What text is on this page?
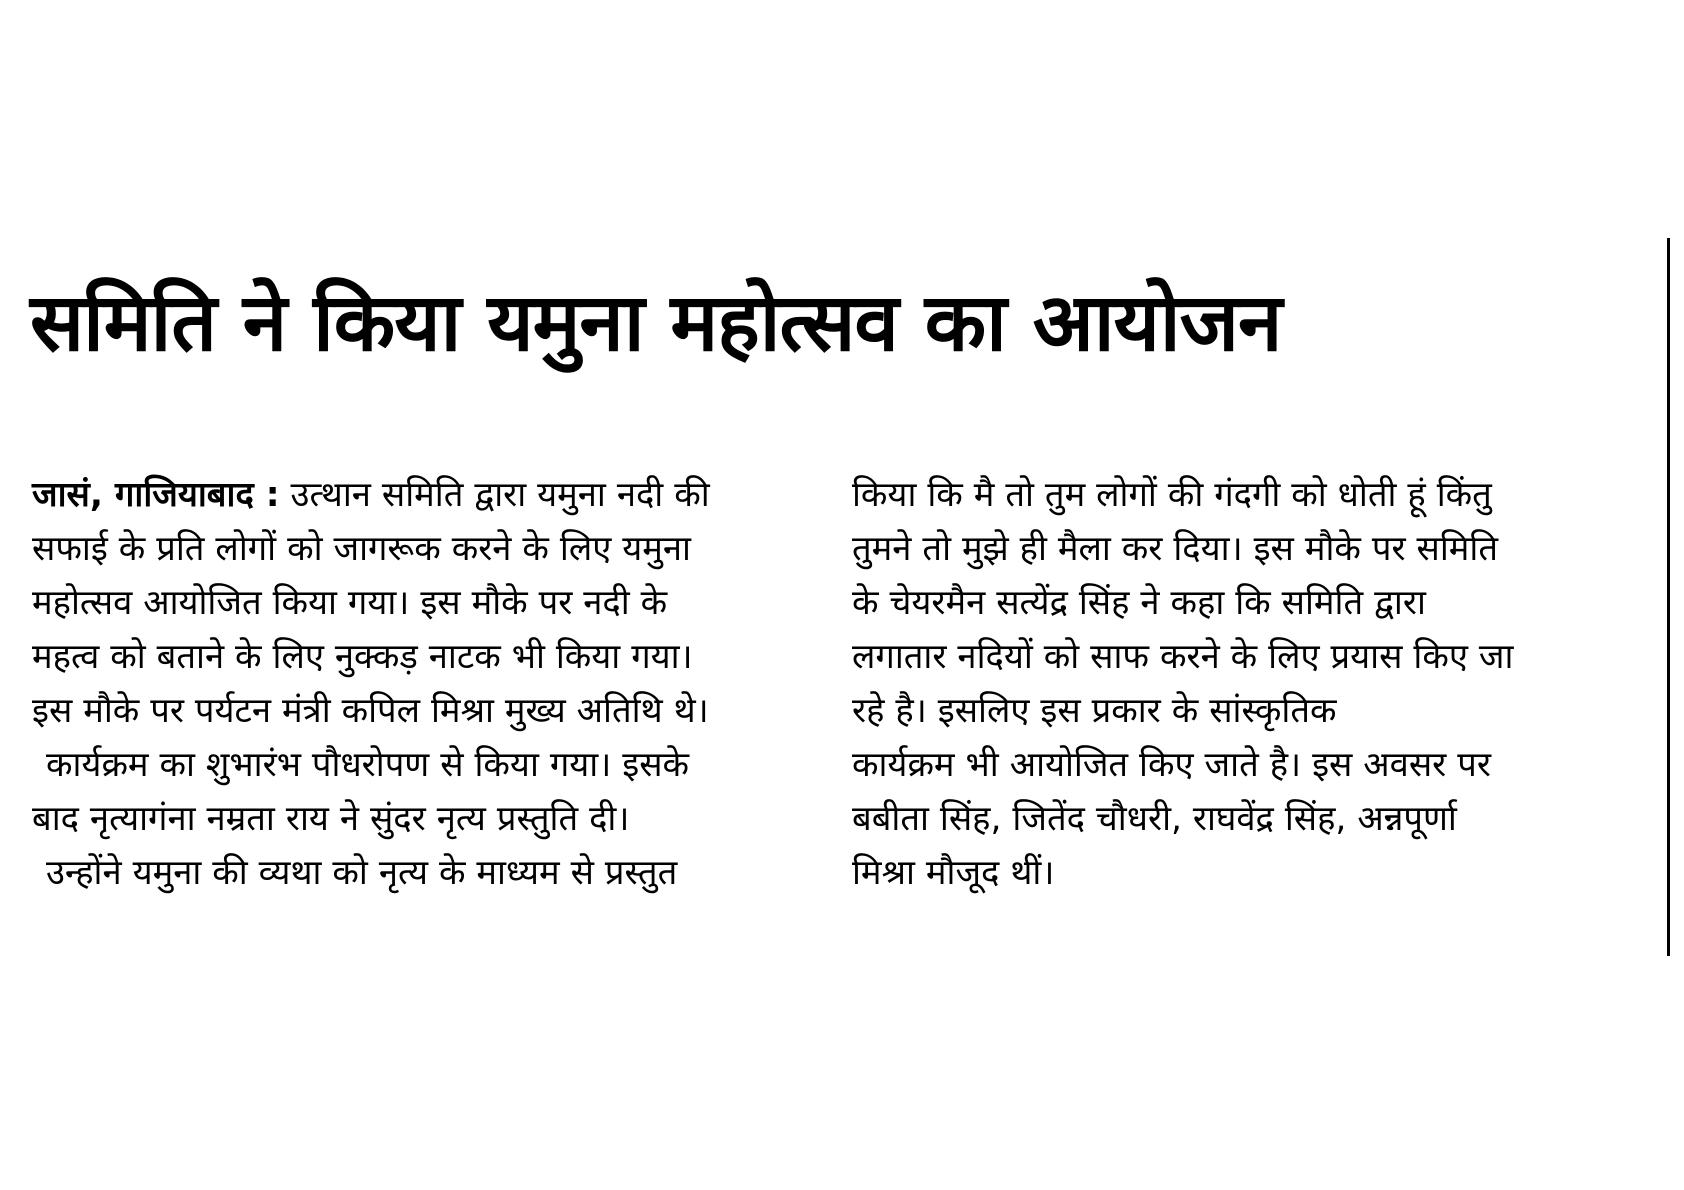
समिति ने किया यमुना महोत्सव का आयोजन
जासं, गाजियाबाद : उत्थान समिति द्वारा यमुना नदी की
सफाई के प्रति लोगों को जागरूक करने के लिए यमुना
महोत्सव आयोजित किया गया। इस मौके पर नदी के
महत्व को बताने के लिए नुक्कड़ नाटक भी किया गया।
इस मौके पर पर्यटन मंत्री कपिल मिश्रा मुख्य अतिथि थे।
कार्यक्रम का शुभारंभ पौधरोपण से किया गया। इसके
बाद नृत्यागंना नम्रता राय ने सुंदर नृत्य प्रस्तुति दी।
उन्होंने यमुना की व्यथा को नृत्य के माध्यम से प्रस्तुत
किया कि मै तो तुम लोगों की गंदगी को धोती हूं किंतु
तुमने तो मुझे ही मैला कर दिया। इस मौके पर समिति
के चेयरमैन सत्येंद्र सिंह ने कहा कि समिति द्वारा
लगातार नदियों को साफ करने के लिए प्रयास किए जा
रहे है। इसलिए इस प्रकार के सांस्कृतिक
कार्यक्रम भी आयोजित किए जाते है। इस अवसर पर
बबीता सिंह, जितेंद चौधरी, राघवेंद्र सिंह, अन्नपूर्णा
मिश्रा मौजूद थीं।
